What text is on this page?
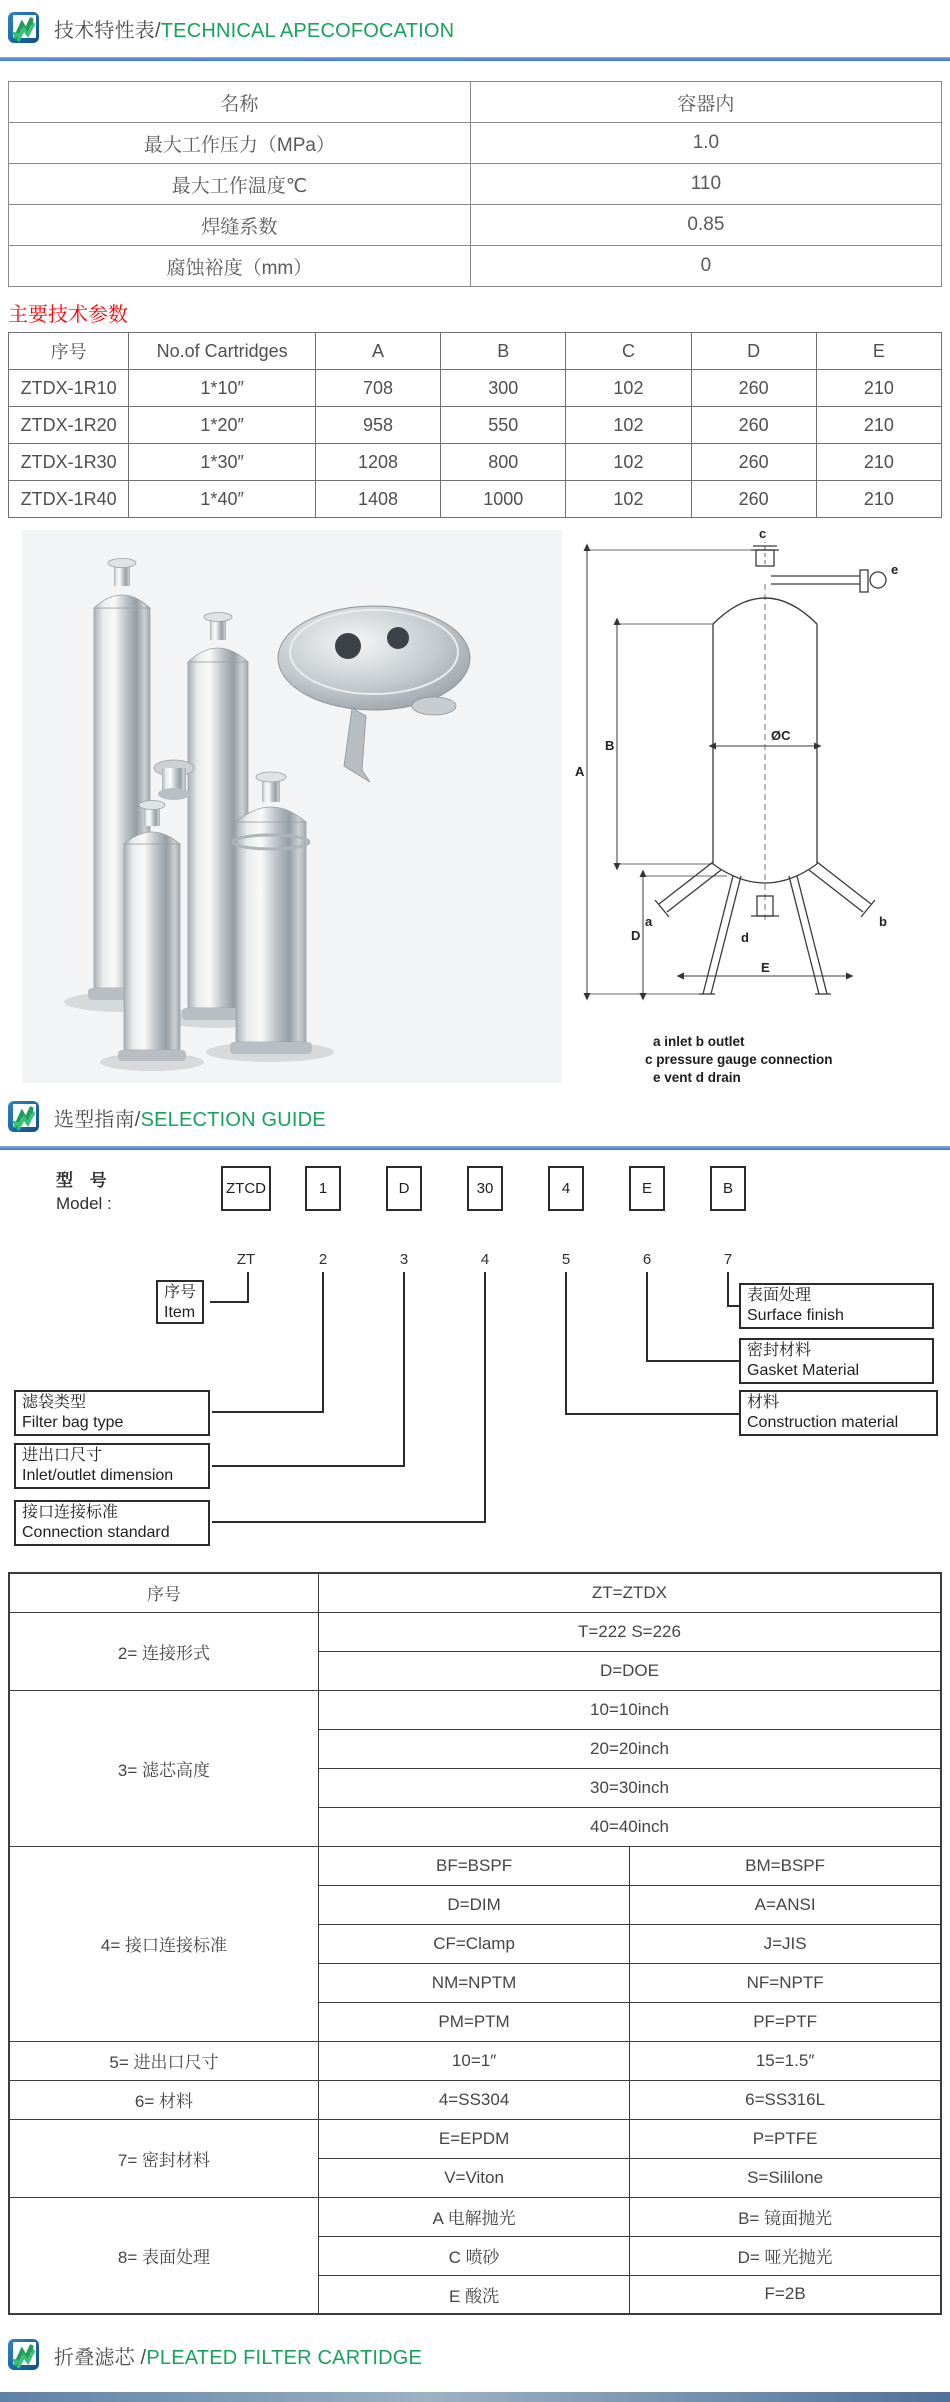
技术特性表/TECHNICAL APECOFOCATION
名称	容器内
最大工作压力（MPa）	1.0
最大工作温度℃	110
焊缝系数	0.85
腐蚀裕度（mm）	0
主要技术参数
序号	No.of Cartridges	A	B	C	D	E
ZTDX-1R10	1*10″	708	300	102	260	210
ZTDX-1R20	1*20″	958	550	102	260	210
ZTDX-1R30	1*30″	1208	800	102	260	210
ZTDX-1R40	1*40″	1408	1000	102	260	210
c
e
b
a
d
A
B
ØC
D
E
a inlet b outlet
c pressure gauge connection
e vent d drain
选型指南/SELECTION GUIDE
型 号
Model :
ZTCD	1	D	30	4	E	B
ZT	2	3	4	5	6	7
序号
Item
滤袋类型
Filter bag type
进出口尺寸
Inlet/outlet dimension
接口连接标准
Connection standard
表面处理
Surface finish
密封材料
Gasket Material
材料
Construction material
序号	ZT=ZTDX	
2= 连接形式	T=222 S=226	
	D=DOE	
3= 滤芯高度	10=10inch	
	20=20inch	
	30=30inch	
	40=40inch	
4= 接口连接标准	BF=BSPF	BM=BSPF
	D=DIM	A=ANSI
	CF=Clamp	J=JIS
	NM=NPTM	NF=NPTF
	PM=PTM	PF=PTF
5= 进出口尺寸	10=1″	15=1.5″
6= 材料	4=SS304	6=SS316L
7= 密封材料	E=EPDM	P=PTFE
	V=Viton	S=Sililone
8= 表面处理	A 电解抛光	B= 镜面抛光
	C 喷砂	D= 哑光抛光
	E 酸洗	F=2B
折叠滤芯 /PLEATED FILTER CARTIDGE
